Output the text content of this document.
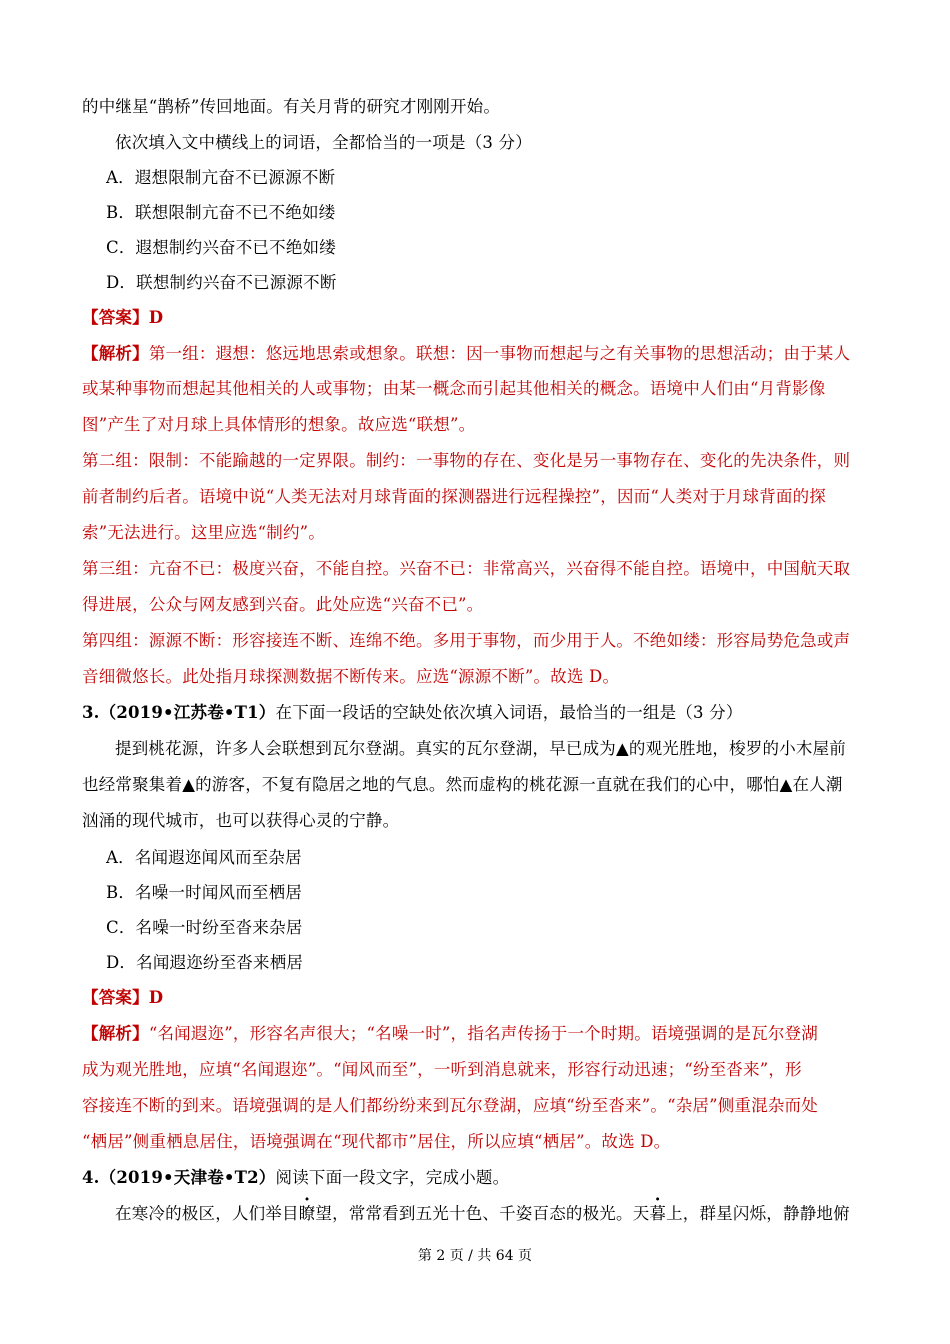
的中继星“鹊桥”传回地面。有关月背的研究才刚刚开始。
依次填入文中横线上的词语，全都恰当的一项是（3 分）
A．遐想限制亢奋不已源源不断
B．联想限制亢奋不已不绝如缕
C．遐想制约兴奋不已不绝如缕
D．联想制约兴奋不已源源不断
【答案】D
【解析】第一组：遐想：悠远地思索或想象。联想：因一事物而想起与之有关事物的思想活动；由于某人
或某种事物而想起其他相关的人或事物；由某一概念而引起其他相关的概念。语境中人们由“月背影像
图”产生了对月球上具体情形的想象。故应选“联想”。
第二组：限制：不能踰越的一定界限。制约：一事物的存在、变化是另一事物存在、变化的先决条件，则
前者制约后者。语境中说“人类无法对月球背面的探测器进行远程操控”，因而“人类对于月球背面的探
索”无法进行。这里应选“制约”。
第三组：亢奋不已：极度兴奋，不能自控。兴奋不已：非常高兴，兴奋得不能自控。语境中，中国航天取
得进展，公众与网友感到兴奋。此处应选“兴奋不已”。
第四组：源源不断：形容接连不断、连绵不绝。多用于事物，而少用于人。不绝如缕：形容局势危急或声
音细微悠长。此处指月球探测数据不断传来。应选“源源不断”。故选 D。
3.（2019•江苏卷•T1）在下面一段话的空缺处依次填入词语，最恰当的一组是（3 分）
提到桃花源，许多人会联想到瓦尔登湖。真实的瓦尔登湖，早已成为▲的观光胜地，梭罗的小木屋前
也经常聚集着▲的游客，不复有隐居之地的气息。然而虚构的桃花源一直就在我们的心中，哪怕▲在人潮
汹涌的现代城市，也可以获得心灵的宁静。
A．名闻遐迩闻风而至杂居
B．名噪一时闻风而至栖居
C．名噪一时纷至沓来杂居
D．名闻遐迩纷至沓来栖居
【答案】D
【解析】“名闻遐迩”，形容名声很大；“名噪一时”，指名声传扬于一个时期。语境强调的是瓦尔登湖
成为观光胜地，应填“名闻遐迩”。“闻风而至”，一听到消息就来，形容行动迅速；“纷至沓来”，形
容接连不断的到来。语境强调的是人们都纷纷来到瓦尔登湖，应填“纷至沓来”。“杂居”侧重混杂而处
“栖居”侧重栖息居住，语境强调在“现代都市”居住，所以应填“栖居”。故选 D。
4.（2019•天津卷•T2）阅读下面一段文字，完成小题。
在寒冷的极区，人们举目瞭望，常常看到五光十色、千姿百态的极光。天暮上，群星闪烁，静静地俯
第 2 页 / 共 64 页
